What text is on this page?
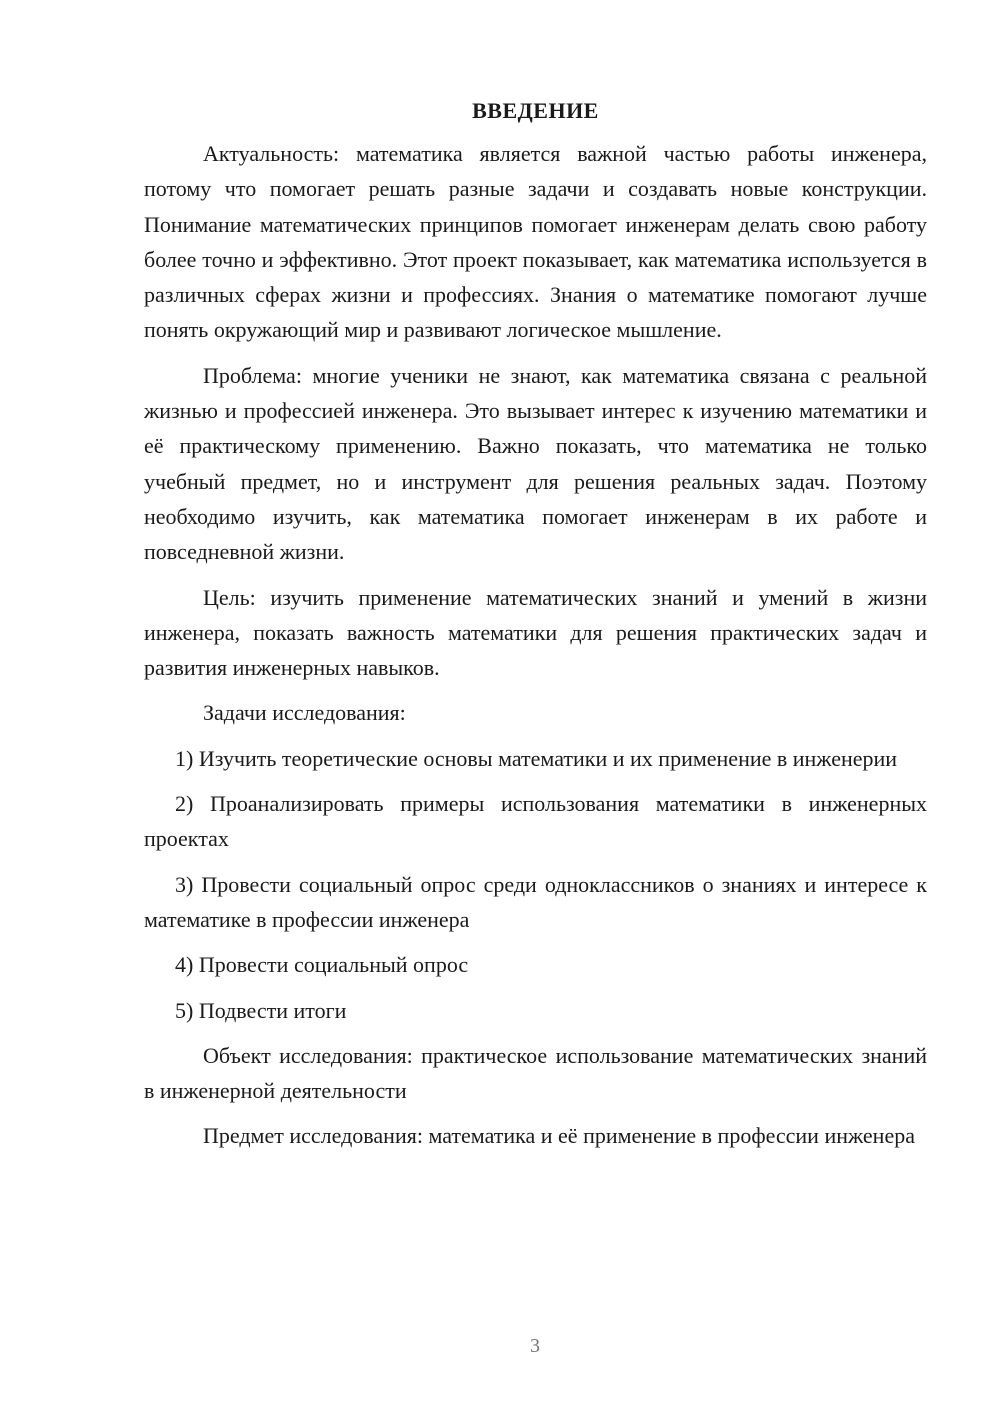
ВВЕДЕНИЕ

Актуальность: математика является важной частью работы инженера, потому что помогает решать разные задачи и создавать новые конструкции. Понимание математических принципов помогает инженерам делать свою работу более точно и эффективно. Этот проект показывает, как математика используется в различных сферах жизни и профессиях. Знания о математике помогают лучше понять окружающий мир и развивают логическое мышление.

Проблема: многие ученики не знают, как математика связана с реальной жизнью и профессией инженера. Это вызывает интерес к изучению математики и её практическому применению. Важно показать, что математика не только учебный предмет, но и инструмент для решения реальных задач. Поэтому необходимо изучить, как математика помогает инженерам в их работе и повседневной жизни.

Цель: изучить применение математических знаний и умений в жизни инженера, показать важность математики для решения практических задач и развития инженерных навыков.

Задачи исследования:

1) Изучить теоретические основы математики и их применение в инженерии

2) Проанализировать примеры использования математики в инженерных проектах

3) Провести социальный опрос среди одноклассников о знаниях и интересе к математике в профессии инженера

4) Провести социальный опрос

5) Подвести итоги

Объект исследования: практическое использование математических знаний в инженерной деятельности

Предмет исследования: математика и её применение в профессии инженера

3
